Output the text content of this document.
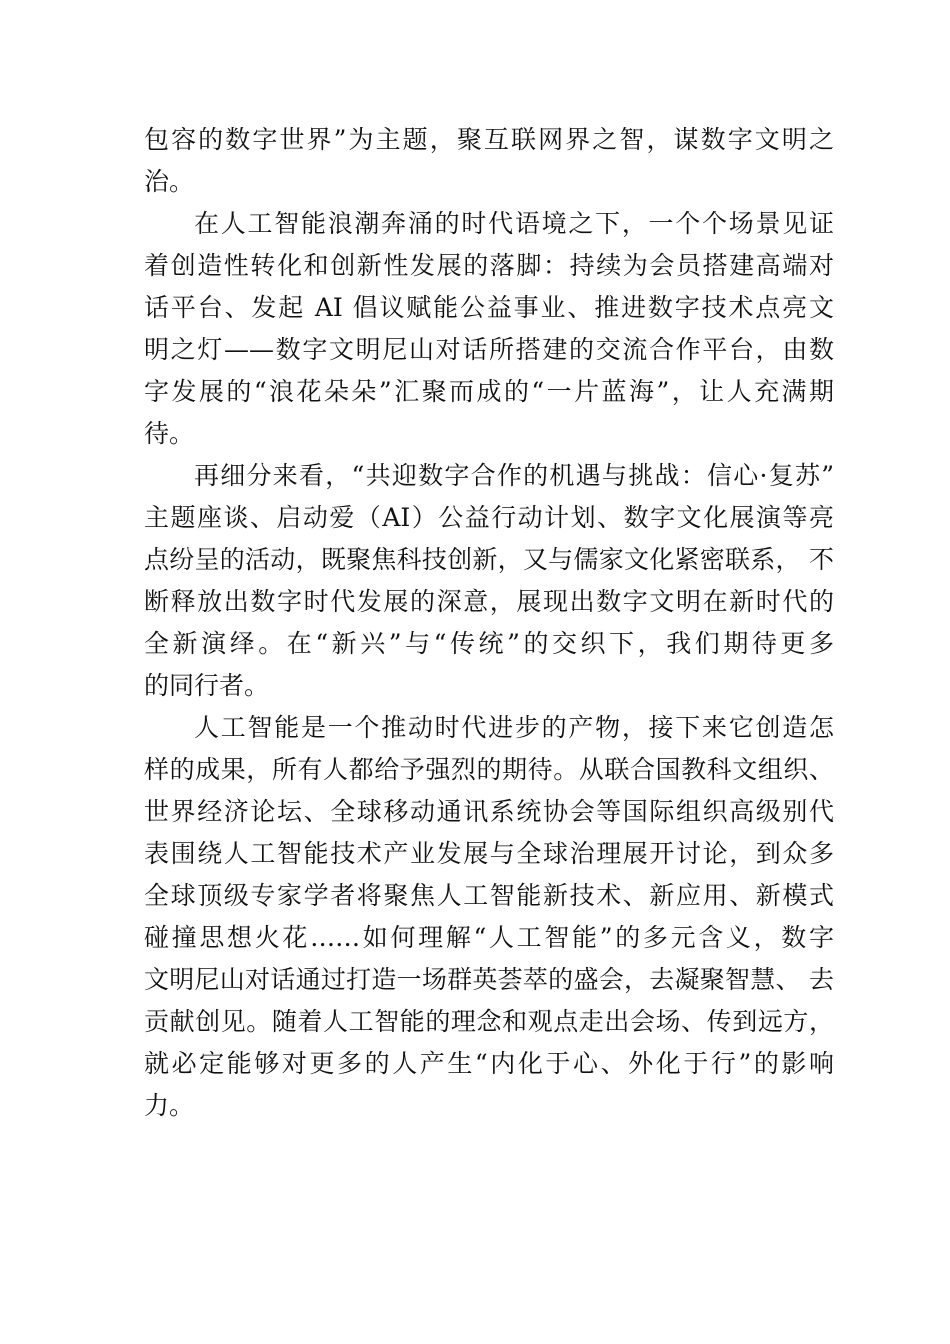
包容的数字世界”为主题，聚互联网界之智，谋数字文明之
治。
在人工智能浪潮奔涌的时代语境之下，一个个场景见证
着创造性转化和创新性发展的落脚：持续为会员搭建高端对
话平台、发起 AI 倡议赋能公益事业、推进数字技术点亮文
明之灯——数字文明尼山对话所搭建的交流合作平台，由数
字发展的“浪花朵朵”汇聚而成的“一片蓝海”，让人充满期
待。
再细分来看，“共迎数字合作的机遇与挑战：信心·复苏”
主题座谈、启动爱（AI）公益行动计划、数字文化展演等亮
点纷呈的活动，既聚焦科技创新，又与儒家文化紧密联系， 不
断释放出数字时代发展的深意，展现出数字文明在新时代的
全新演绎。在“新兴”与“传统”的交织下，我们期待更多
的同行者。
人工智能是一个推动时代进步的产物，接下来它创造怎
样的成果，所有人都给予强烈的期待。从联合国教科文组织、
世界经济论坛、全球移动通讯系统协会等国际组织高级别代
表围绕人工智能技术产业发展与全球治理展开讨论，到众多
全球顶级专家学者将聚焦人工智能新技术、新应用、新模式
碰撞思想火花……如何理解“人工智能”的多元含义，数字
文明尼山对话通过打造一场群英荟萃的盛会，去凝聚智慧、 去
贡献创见。随着人工智能的理念和观点走出会场、传到远方，
就必定能够对更多的人产生“内化于心、外化于行”的影响
力。
